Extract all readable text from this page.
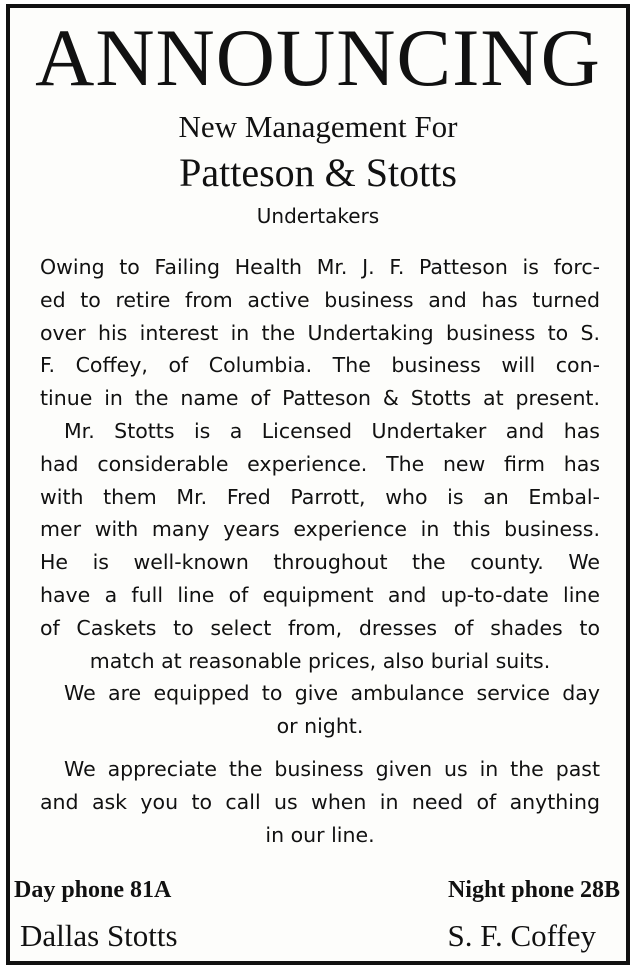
ANNOUNCING
New Management For
Patteson & Stotts
Undertakers
Owing to Failing Health Mr. J. F. Patteson is forc-
ed to retire from active business and has turned
over his interest in the Undertaking business to S.
F. Coffey, of Columbia. The business will con-
tinue in the name of Patteson & Stotts at present.
Mr. Stotts is a Licensed Undertaker and has
had considerable experience. The new firm has
with them Mr. Fred Parrott, who is an Embal-
mer with many years experience in this business.
He is well-known throughout the county. We
have a full line of equipment and up-to-date line
of Caskets to select from, dresses of shades to
match at reasonable prices, also burial suits.
We are equipped to give ambulance service day
or night.
We appreciate the business given us in the past
and ask you to call us when in need of anything
in our line.
Day phone 81A	Night phone 28B
Dallas Stotts	S. F. Coffey
